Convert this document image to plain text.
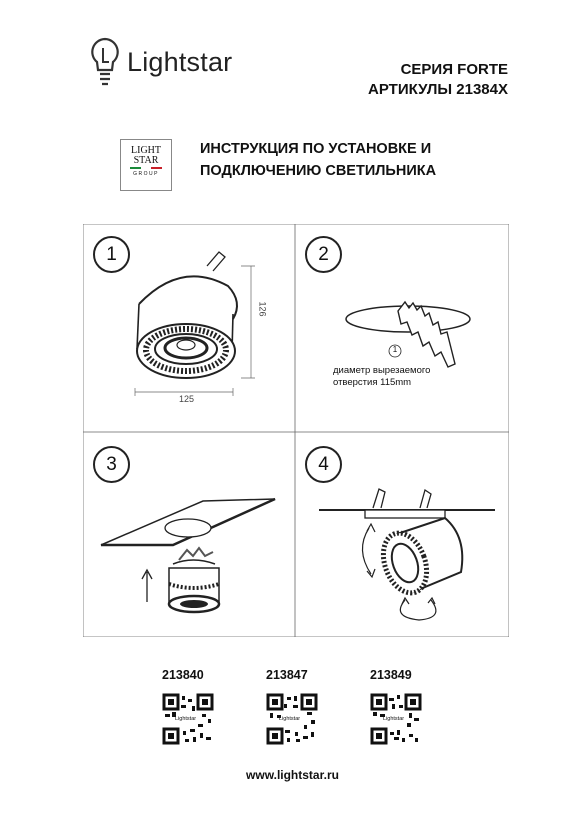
Lightstar	СЕРИЯ FORTE
АРТИКУЛЫ 21384X
LIGHT
STAR
GROUP
ИНСТРУКЦИЯ ПО УСТАНОВКЕ И
ПОДКЛЮЧЕНИЮ СВЕТИЛЬНИКА
1
125
126
2
1
диаметр вырезаемого
отверстия 115mm
3	4
213840	213847	213849
Lightstar	Lightstar	Lightstar
www.lightstar.ru
